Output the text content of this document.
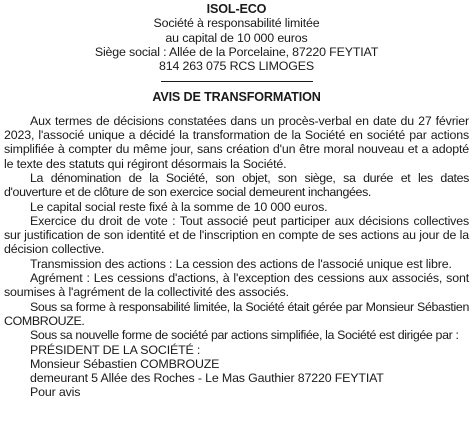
ISOL-ECO
Société à responsabilité limitée
au capital de 10 000 euros
Siège social : Allée de la Porcelaine, 87220 FEYTIAT
814 263 075 RCS LIMOGES
AVIS DE TRANSFORMATION

Aux termes de décisions constatées dans un procès-verbal en date du 27 février 2023, l'associé unique a décidé la transformation de la Société en société par actions simplifiée à compter du même jour, sans création d'un être moral nouveau et a adopté le texte des statuts qui régiront désormais la Société.

La dénomination de la Société, son objet, son siège, sa durée et les dates d'ouverture et de clôture de son exercice social demeurent inchangées.

Le capital social reste fixé à la somme de 10 000 euros.

Exercice du droit de vote : Tout associé peut participer aux décisions collectives sur justification de son identité et de l'inscription en compte de ses actions au jour de la décision collective.

Transmission des actions : La cession des actions de l'associé unique est libre.

Agrément : Les cessions d'actions, à l'exception des cessions aux associés, sont soumises à l'agrément de la collectivité des associés.

Sous sa forme à responsabilité limitée, la Société était gérée par Monsieur Sébastien COMBROUZE.

Sous sa nouvelle forme de société par actions simplifiée, la Société est dirigée par :

PRÉSIDENT DE LA SOCIÉTÉ :

Monsieur Sébastien COMBROUZE

demeurant 5 Allée des Roches - Le Mas Gauthier 87220 FEYTIAT

Pour avis
